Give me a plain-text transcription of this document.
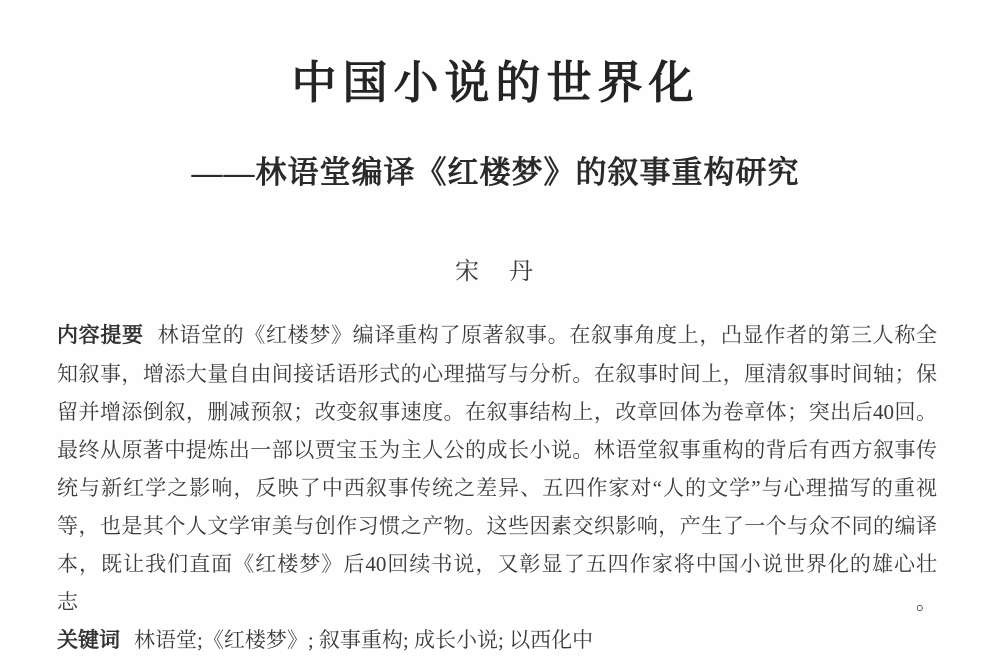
中国小说的世界化
——林语堂编译《红楼梦》的叙事重构研究
宋　丹
内容提要 林语堂的《红楼梦》编译重构了原著叙事。在叙事角度上，凸显作者的第三人称全
知叙事，增添大量自由间接话语形式的心理描写与分析。在叙事时间上，厘清叙事时间轴；保
留并增添倒叙，删减预叙；改变叙事速度。在叙事结构上，改章回体为卷章体；突出后40回。
最终从原著中提炼出一部以贾宝玉为主人公的成长小说。林语堂叙事重构的背后有西方叙事传
统与新红学之影响，反映了中西叙事传统之差异、五四作家对“人的文学”与心理描写的重视
等，也是其个人文学审美与创作习惯之产物。这些因素交织影响，产生了一个与众不同的编译
本，既让我们直面《红楼梦》后40回续书说，又彰显了五四作家将中国小说世界化的雄心壮志。
关键词 林语堂;《红楼梦》; 叙事重构; 成长小说; 以西化中
